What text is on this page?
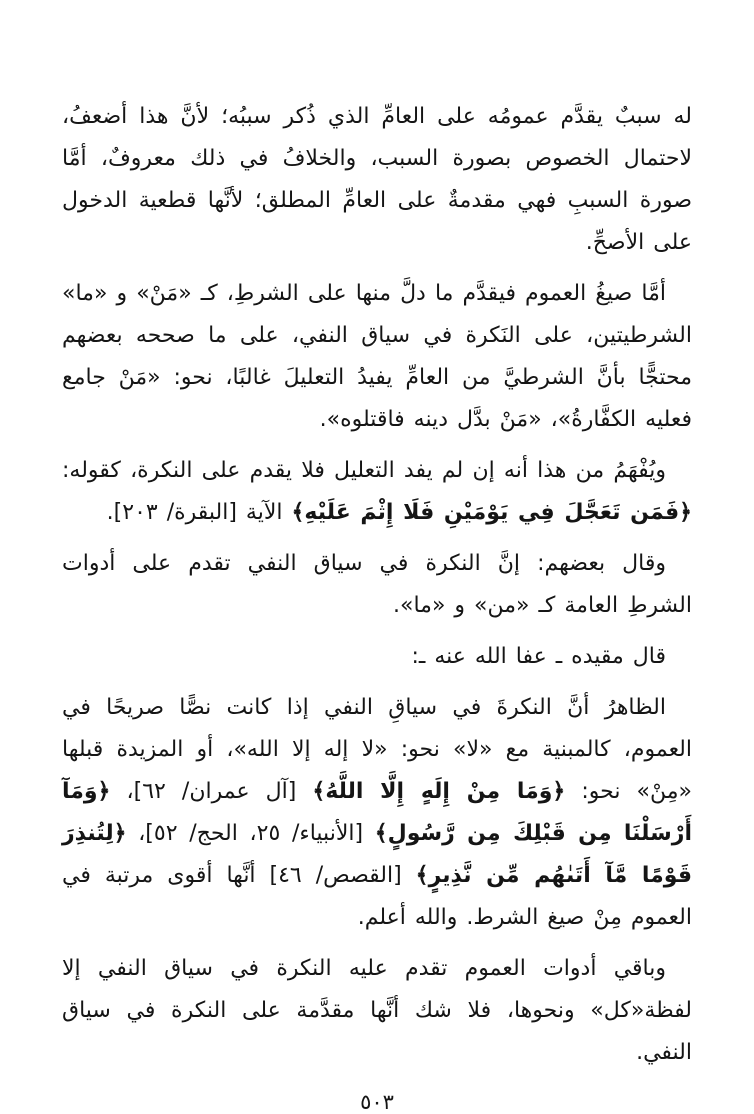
له سببٌ يقدَّم عمومُه على العامِّ الذي ذُكر سببُه؛ لأنَّ هذا أضعفُ، لاحتمال الخصوص بصورة السبب، والخلافُ في ذلك معروفٌ، أمَّا صورة السببِ فهي مقدمةٌ على العامِّ المطلق؛ لأنَّها قطعية الدخول على الأصحِّ.

أمَّا صيغُ العموم فيقدَّم ما دلَّ منها على الشرطِ، كـ «مَنْ» و «ما» الشرطيتين، على النَكرة في سياق النفي، على ما صححه بعضهم محتجًّا بأنَّ الشرطيَّ من العامِّ يفيدُ التعليلَ غالبًا، نحو: «مَنْ جامع فعليه الكفَّارةُ»، «مَنْ بدَّل دينه فاقتلوه».

ويُفْهَمُ من هذا أنه إن لم يفد التعليل فلا يقدم على النكرة، كقوله: ﴿فَمَن تَعَجَّلَ فِي يَوْمَيْنِ فَلَا إِثْمَ عَلَيْهِ﴾ الآية [البقرة/ ٢٠٣].

وقال بعضهم: إنَّ النكرة في سياق النفي تقدم على أدوات الشرطِ العامة كـ «من» و «ما».

قال مقيده ـ عفا الله عنه ـ:

الظاهرُ أنَّ النكرةَ في سياقِ النفي إذا كانت نصًّا صريحًا في العموم، كالمبنية مع «لا» نحو: «لا إله إلا الله»، أو المزيدة قبلها «مِنْ» نحو: ﴿وَمَا مِنْ إِلَهٍ إِلَّا اللَّهُ﴾ [آل عمران/ ٦٢]، ﴿وَمَآ أَرْسَلْنَا مِن قَبْلِكَ مِن رَّسُولٍ﴾ [الأنبياء/ ٢٥، الحج/ ٥٢]، ﴿لِتُنذِرَ قَوْمًا مَّآ أَتَىٰهُم مِّن نَّذِيرٍ﴾ [القصص/ ٤٦] أنَّها أقوى مرتبة في العموم مِنْ صيغ الشرط. والله أعلم.

وباقي أدوات العموم تقدم عليه النكرة في سياق النفي إلا لفظة«كل» ونحوها، فلا شك أنَّها مقدَّمة على النكرة في سياق النفي.

٥٠٣
